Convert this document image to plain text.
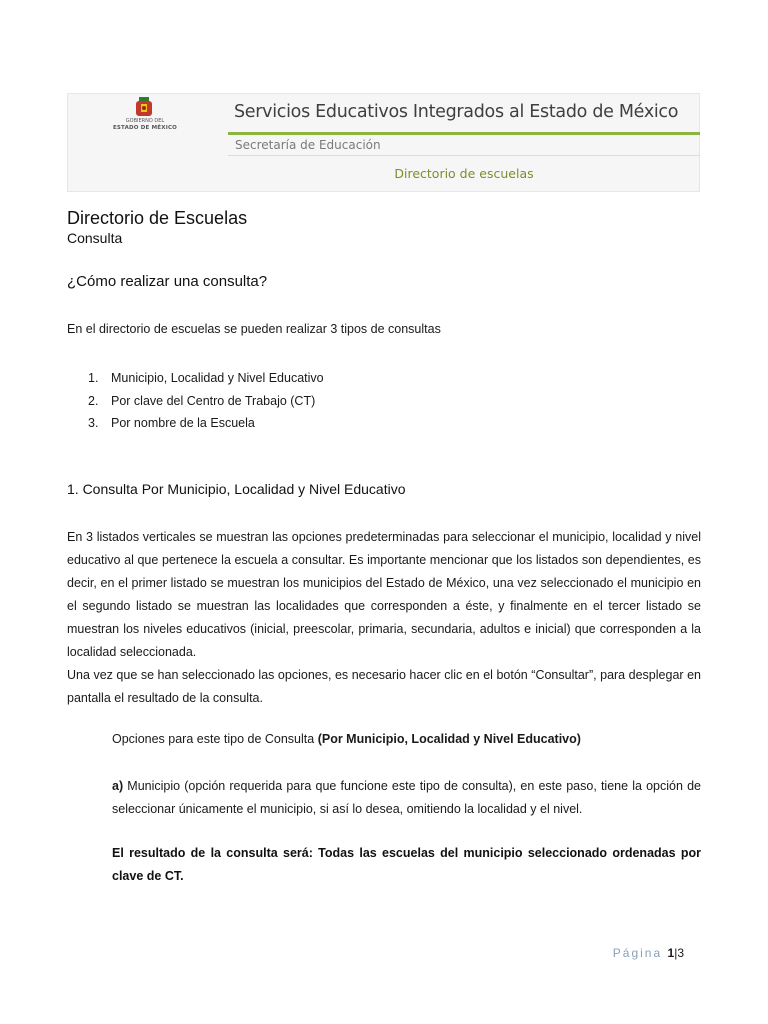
GOBIERNO DEL
ESTADO DE MÉXICO
Servicios Educativos Integrados al Estado de México
Secretaría de Educación
Directorio de escuelas
Directorio de Escuelas
Consulta
¿Cómo realizar una consulta?
En el directorio de escuelas se pueden realizar 3 tipos de consultas
1. Municipio, Localidad y Nivel Educativo
2. Por clave del Centro de Trabajo (CT)
3. Por nombre de la Escuela
1. Consulta Por Municipio, Localidad y Nivel Educativo

En 3 listados verticales se muestran las opciones predeterminadas para seleccionar el municipio, localidad y nivel educativo al que pertenece la escuela a consultar. Es importante mencionar que los listados son dependientes, es decir, en el primer listado se muestran los municipios del Estado de México, una vez seleccionado el municipio en el segundo listado se muestran las localidades que corresponden a éste, y finalmente en el tercer listado se muestran los niveles educativos (inicial, preescolar, primaria, secundaria, adultos e inicial) que corresponden a la localidad seleccionada.

Una vez que se han seleccionado las opciones, es necesario hacer clic en el botón “Consultar”, para desplegar en pantalla el resultado de la consulta.

Opciones para este tipo de Consulta (Por Municipio, Localidad y Nivel Educativo)
a) Municipio (opción requerida para que funcione este tipo de consulta), en este paso, tiene la opción de seleccionar únicamente el municipio, si así lo desea, omitiendo la localidad y el nivel.
El resultado de la consulta será: Todas las escuelas del municipio seleccionado ordenadas por clave de CT.
Página 1|3
